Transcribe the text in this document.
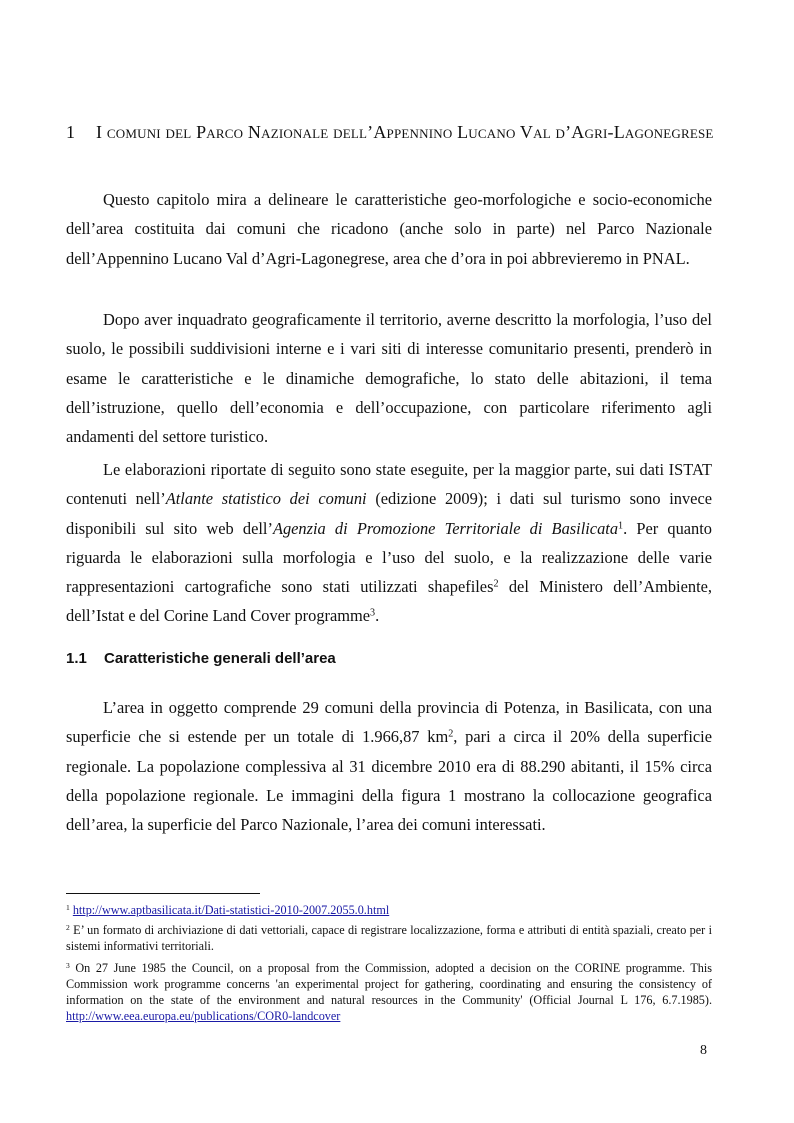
1	I comuni del Parco Nazionale dell’Appennino Lucano Val d’Agri-Lagonegrese

Questo capitolo mira a delineare le caratteristiche geo-morfologiche e socio-economiche dell’area costituita dai comuni che ricadono (anche solo in parte) nel Parco Nazionale dell’Appennino Lucano Val d’Agri-Lagonegrese, area che d’ora in poi abbrevieremo in PNAL.

Dopo aver inquadrato geograficamente il territorio, averne descritto la morfologia, l’uso del suolo, le possibili suddivisioni interne e i vari siti di interesse comunitario presenti, prenderò in esame le caratteristiche e le dinamiche demografiche, lo stato delle abitazioni, il tema dell’istruzione, quello dell’economia e dell’occupazione, con particolare riferimento agli andamenti del settore turistico.

Le elaborazioni riportate di seguito sono state eseguite, per la maggior parte, sui dati ISTAT contenuti nell’Atlante statistico dei comuni (edizione 2009); i dati sul turismo sono invece disponibili sul sito web dell’Agenzia di Promozione Territoriale di Basilicata$^1$. Per quanto riguarda le elaborazioni sulla morfologia e l’uso del suolo, e la realizzazione delle varie rappresentazioni cartografiche sono stati utilizzati shapefiles$^2$ del Ministero dell’Ambiente, dell’Istat e del Corine Land Cover programme$^3$.

1.1 Caratteristiche generali dell’area

L’area in oggetto comprende 29 comuni della provincia di Potenza, in Basilicata, con una superficie che si estende per un totale di 1.966,87 $km^2$, pari a circa il 20% della superficie regionale. La popolazione complessiva al 31 dicembre 2010 era di 88.290 abitanti, il 15% circa della popolazione regionale. Le immagini della figura 1 mostrano la collocazione geografica dell’area, la superficie del Parco Nazionale, l’area dei comuni interessati.

$^1$ http://www.aptbasilicata.it/Dati-statistici-2010-2007.2055.0.html

$^2$ E’ un formato di archiviazione di dati vettoriali, capace di registrare localizzazione, forma e attributi di entità spaziali, creato per i sistemi informativi territoriali.

$^3$ On 27 June 1985 the Council, on a proposal from the Commission, adopted a decision on the CORINE programme. This Commission work programme concerns 'an experimental project for gathering, coordinating and ensuring the consistency of information on the state of the environment and natural resources in the Community' (Official Journal L 176, 6.7.1985). http://www.eea.europa.eu/publications/COR0-landcover

8
